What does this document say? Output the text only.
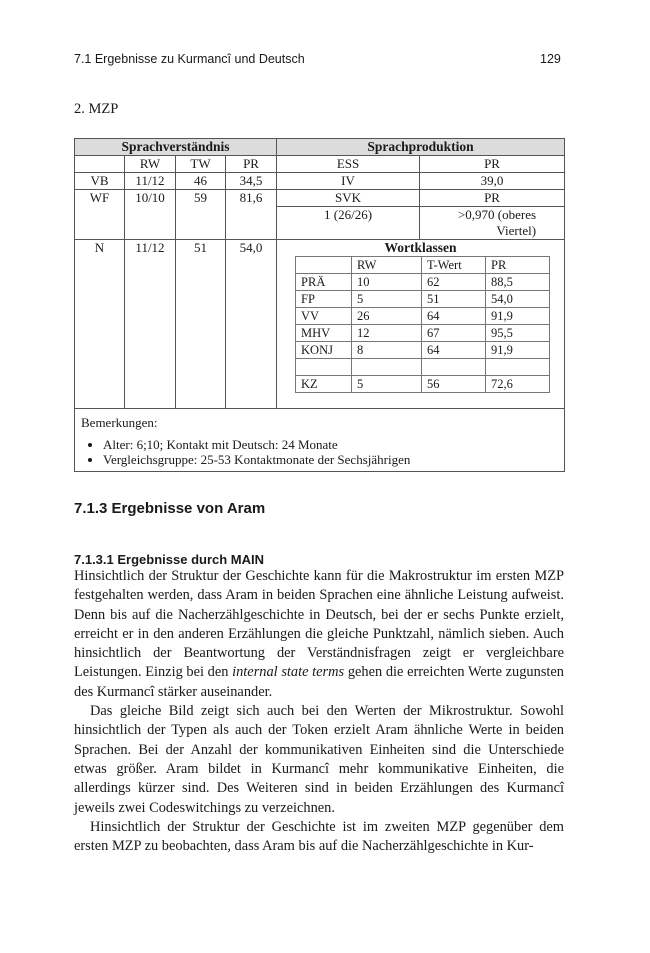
7.1 Ergebnisse zu Kurmancî und Deutsch	129
2. MZP
Sprachverständnis	Sprachproduktion
	RW	TW	PR	ESS	PR
VB	11/12	46	34,5	IV	39,0
WF	10/10	59	81,6	SVK	PR
1 (26/26)	>0,970 (oberes Viertel)
N	11/12	51	54,0	Wortklassen
	RW	T-Wert	PR
PRÄ	10	62	88,5
FP	5	51	54,0
VV	26	64	91,9
MHV	12	67	95,5
KONJ	8	64	91,9

KZ	5	56	72,6

Bemerkungen:
• Alter: 6;10; Kontakt mit Deutsch: 24 Monate
• Vergleichsgruppe: 25-53 Kontaktmonate der Sechsjährigen
7.1.3 Ergebnisse von Aram
7.1.3.1 Ergebnisse durch MAIN

Hinsichtlich der Struktur der Geschichte kann für die Makrostruktur im ersten MZP festgehalten werden, dass Aram in beiden Sprachen eine ähnliche Leistung aufweist. Denn bis auf die Nacherzählgeschichte in Deutsch, bei der er sechs Punkte erzielt, erreicht er in den anderen Erzählungen die gleiche Punktzahl, nämlich sieben. Auch hinsichtlich der Beantwortung der Verständnisfragen zeigt er vergleichbare Leistungen. Einzig bei den internal state terms gehen die erreichten Werte zugunsten des Kurmancî stärker auseinander.

Das gleiche Bild zeigt sich auch bei den Werten der Mikrostruktur. Sowohl hinsichtlich der Typen als auch der Token erzielt Aram ähnliche Werte in beiden Sprachen. Bei der Anzahl der kommunikativen Einheiten sind die Unterschiede etwas größer. Aram bildet in Kurmancî mehr kommunikative Einheiten, die allerdings kürzer sind. Des Weiteren sind in beiden Erzählungen des Kurmancî jeweils zwei Codeswitchings zu verzeichnen.

Hinsichtlich der Struktur der Geschichte ist im zweiten MZP gegenüber dem ersten MZP zu beobachten, dass Aram bis auf die Nacherzählgeschichte in Kur-
